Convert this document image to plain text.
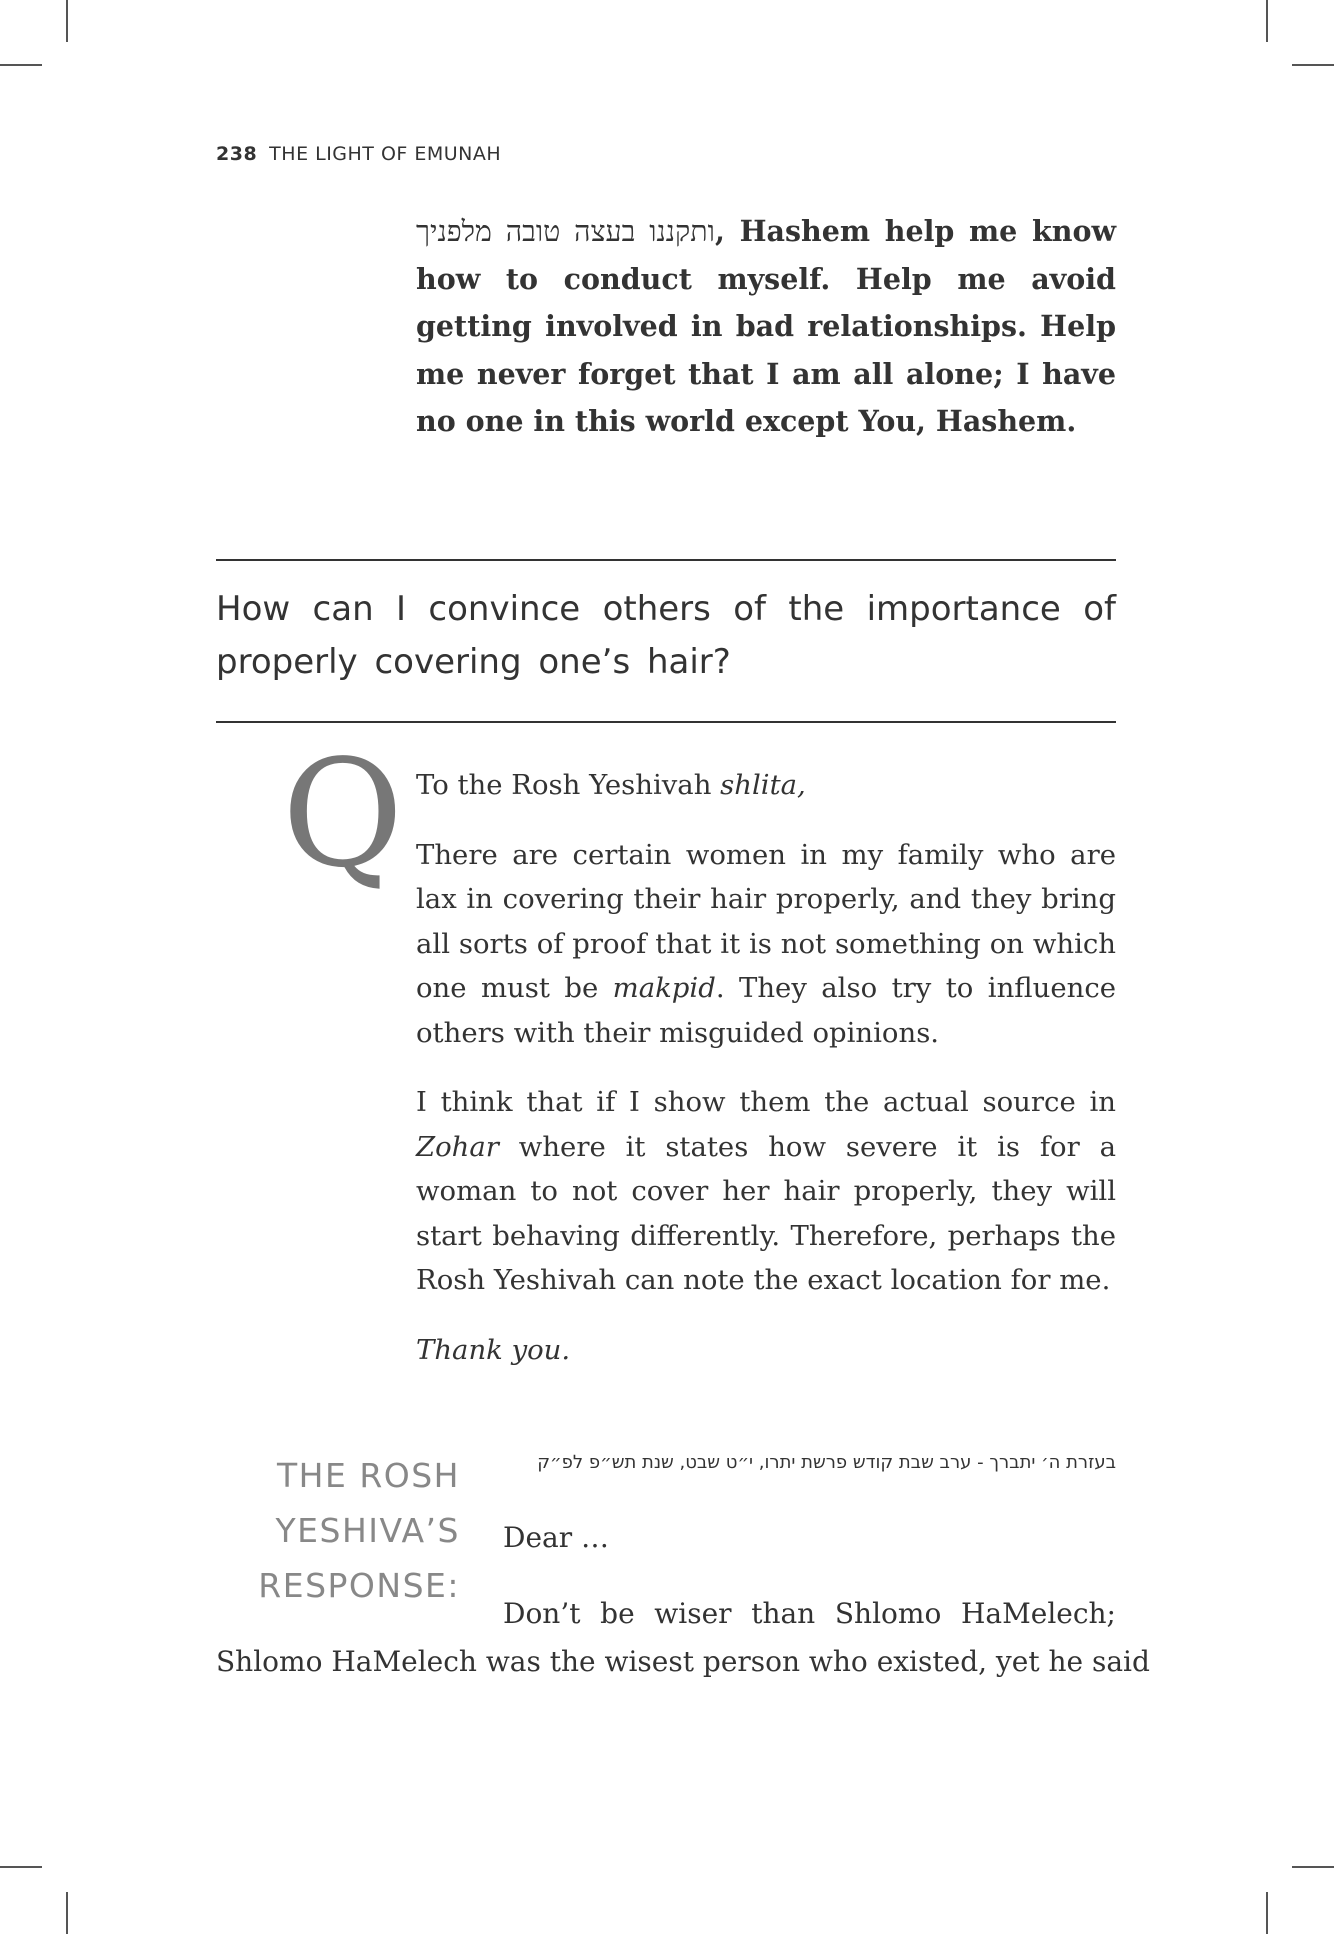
238 THE LIGHT OF EMUNAH

ותקננו בעצה טובה מלפניך, Hashem help me know how to conduct myself. Help me avoid getting involved in bad relationships. Help me never forget that I am all alone; I have no one in this world except You, Hashem.

How can I convince others of the importance of properly covering one’s hair?
Q To the Rosh Yeshivah shlita,

There are certain women in my family who are lax in covering their hair properly, and they bring all sorts of proof that it is not something on which one must be makpid. They also try to influence others with their misguided opinions.

I think that if I show them the actual source in Zohar where it states how severe it is for a woman to not cover her hair properly, they will start behaving differently. Therefore, perhaps the Rosh Yeshivah can note the exact location for me.

Thank you.

THE ROSH
YESHIVA’S
RESPONSE:
בעזרת ה׳ יתברך - ערב שבת קודש פרשת יתרו, י״ט שבט, שנת תש״פ לפ״ק
Dear …
Don’t be wiser than Shlomo HaMelech;
Shlomo HaMelech was the wisest person who existed, yet he said
